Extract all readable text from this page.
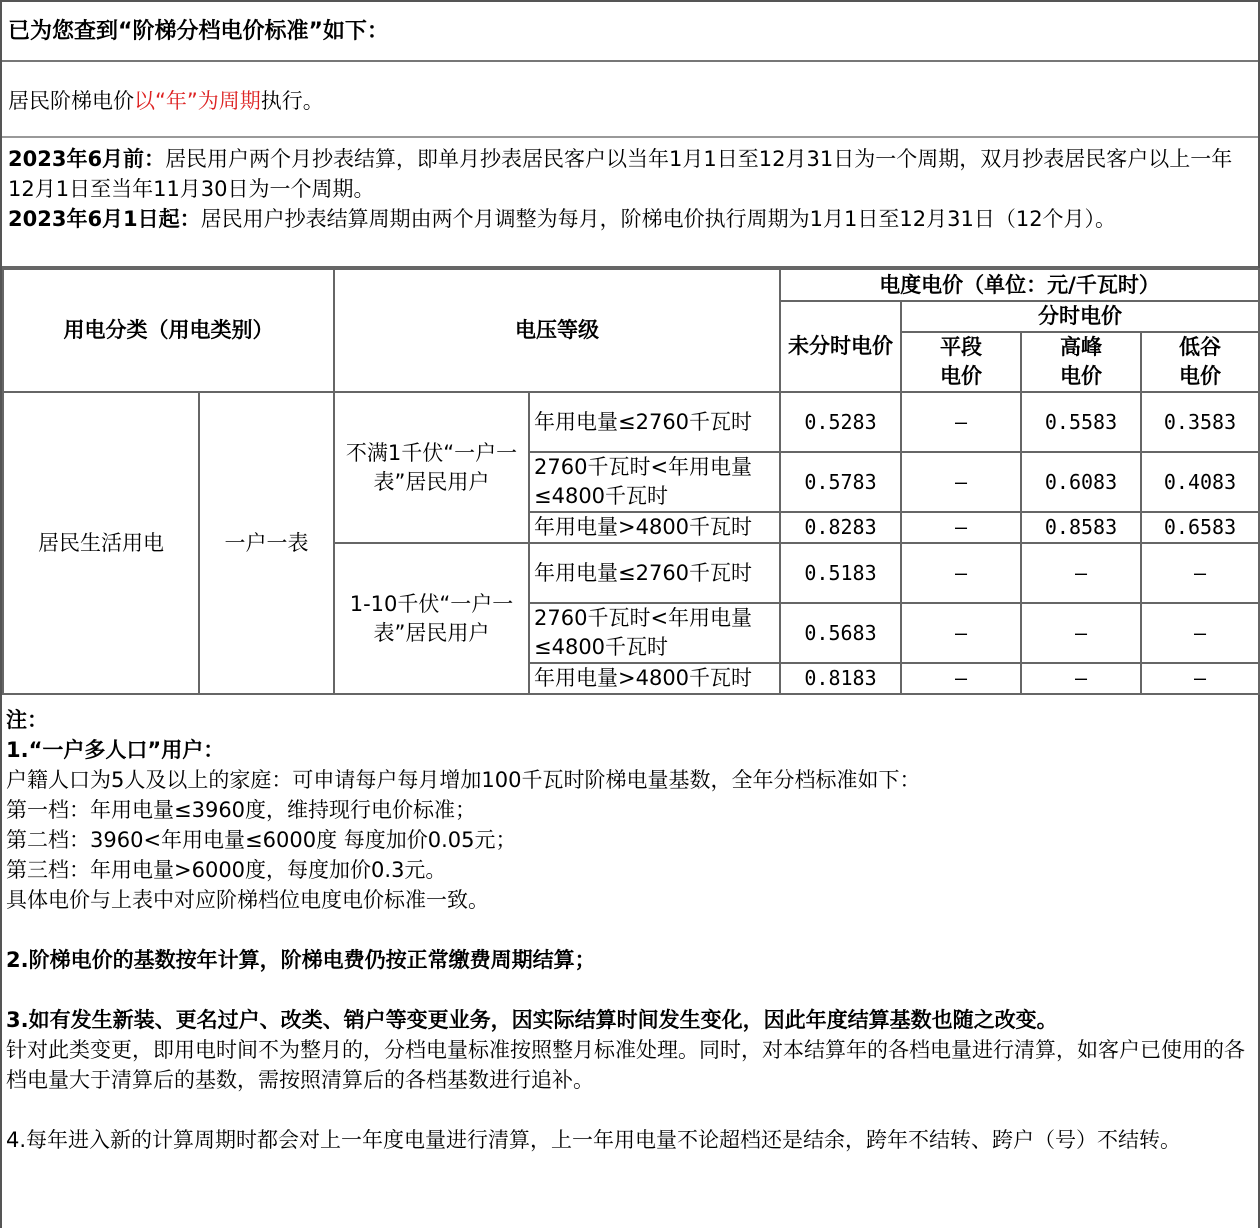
已为您查到“阶梯分档电价标准”如下：
居民阶梯电价以“年”为周期执行。
2023年6月前：居民用户两个月抄表结算，即单月抄表居民客户以当年1月1日至12月31日为一个周期，双月抄表居民客户以上一年12月1日至当年11月30日为一个周期。
2023年6月1日起：居民用户抄表结算周期由两个月调整为每月，阶梯电价执行周期为1月1日至12月31日（12个月）。
用电分类（用电类别）		电压等级		电度电价（单位：元/千瓦时）			
				未分时电价	分时电价		
					平段电价	高峰电价	低谷电价
居民生活用电	一户一表	不满1千伏“一户一表”居民用户	年用电量≤2760千瓦时	0.5283	–	0.5583	0.3583
			2760千瓦时<年用电量≤4800千瓦时	0.5783	–	0.6083	0.4083
			年用电量>4800千瓦时	0.8283	–	0.8583	0.6583
		1-10千伏“一户一表”居民用户	年用电量≤2760千瓦时	0.5183	–	–	–
			2760千瓦时<年用电量≤4800千瓦时	0.5683	–	–	–
			年用电量>4800千瓦时	0.8183	–	–	–

注：

1.“一户多人口”用户：

户籍人口为5人及以上的家庭：可申请每户每月增加100千瓦时阶梯电量基数，全年分档标准如下：

第一档：年用电量≤3960度，维持现行电价标准；

第二档：3960<年用电量≤6000度 每度加价0.05元；

第三档：年用电量>6000度，每度加价0.3元。

具体电价与上表中对应阶梯档位电度电价标准一致。

2.阶梯电价的基数按年计算，阶梯电费仍按正常缴费周期结算；

3.如有发生新装、更名过户、改类、销户等变更业务，因实际结算时间发生变化，因此年度结算基数也随之改变。

针对此类变更，即用电时间不为整月的，分档电量标准按照整月标准处理。同时，对本结算年的各档电量进行清算，如客户已使用的各档电量大于清算后的基数，需按照清算后的各档基数进行追补。

4.每年进入新的计算周期时都会对上一年度电量进行清算，上一年用电量不论超档还是结余，跨年不结转、跨户（号）不结转。
